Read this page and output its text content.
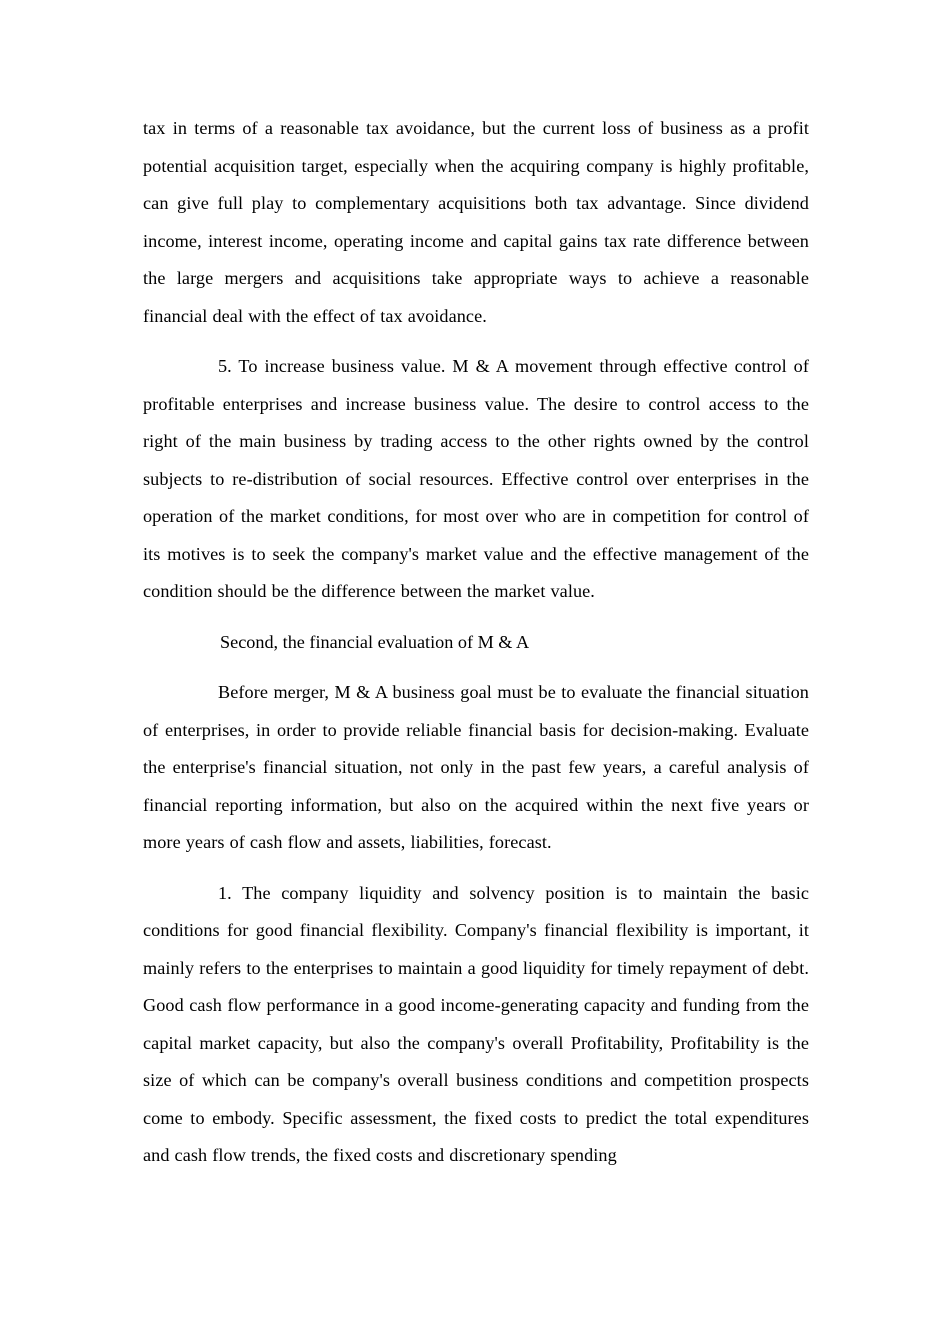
tax in terms of a reasonable tax avoidance, but the current loss of business as a profit potential acquisition target, especially when the acquiring company is highly profitable, can give full play to complementary acquisitions both tax advantage. Since dividend income, interest income, operating income and capital gains tax rate difference between the large mergers and acquisitions take appropriate ways to achieve a reasonable financial deal with the effect of tax avoidance.

5. To increase business value. M & A movement through effective control of profitable enterprises and increase business value. The desire to control access to the right of the main business by trading access to the other rights owned by the control subjects to re-distribution of social resources. Effective control over enterprises in the operation of the market conditions, for most over who are in competition for control of its motives is to seek the company's market value and the effective management of the condition should be the difference between the market value.

Second, the financial evaluation of M & A

Before merger, M & A business goal must be to evaluate the financial situation of enterprises, in order to provide reliable financial basis for decision-making. Evaluate the enterprise's financial situation, not only in the past few years, a careful analysis of financial reporting information, but also on the acquired within the next five years or more years of cash flow and assets, liabilities, forecast.

1. The company liquidity and solvency position is to maintain the basic conditions for good financial flexibility. Company's financial flexibility is important, it mainly refers to the enterprises to maintain a good liquidity for timely repayment of debt. Good cash flow performance in a good income-generating capacity and funding from the capital market capacity, but also the company's overall Profitability, Profitability is the size of which can be company's overall business conditions and competition prospects come to embody. Specific assessment, the fixed costs to predict the total expenditures and cash flow trends, the fixed costs and discretionary spending
